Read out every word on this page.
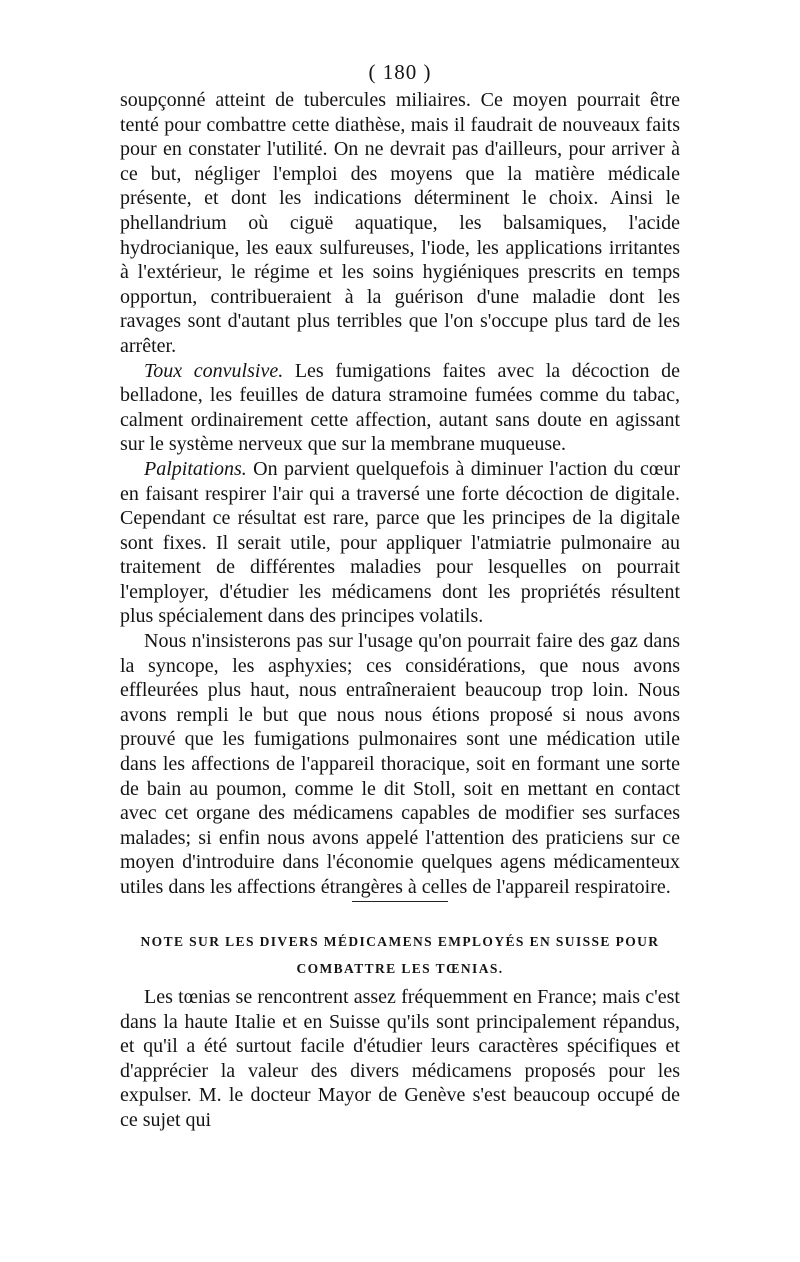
( 180 )

soupçonné atteint de tubercules miliaires. Ce moyen pourrait être tenté pour combattre cette diathèse, mais il faudrait de nouveaux faits pour en constater l'utilité. On ne devrait pas d'ailleurs, pour arriver à ce but, négliger l'emploi des moyens que la matière médicale présente, et dont les indications déterminent le choix. Ainsi le phellandrium où ciguë aquatique, les balsamiques, l'acide hydrocianique, les eaux sulfureuses, l'iode, les applications irritantes à l'extérieur, le régime et les soins hygiéniques prescrits en temps opportun, contribueraient à la guérison d'une maladie dont les ravages sont d'autant plus terribles que l'on s'occupe plus tard de les arrêter.

Toux convulsive. Les fumigations faites avec la décoction de belladone, les feuilles de datura stramoine fumées comme du tabac, calment ordinairement cette affection, autant sans doute en agissant sur le système nerveux que sur la membrane muqueuse.

Palpitations. On parvient quelquefois à diminuer l'action du cœur en faisant respirer l'air qui a traversé une forte décoction de digitale. Cependant ce résultat est rare, parce que les principes de la digitale sont fixes. Il serait utile, pour appliquer l'atmiatrie pulmonaire au traitement de différentes maladies pour lesquelles on pourrait l'employer, d'étudier les médicamens dont les propriétés résultent plus spécialement dans des principes volatils.

Nous n'insisterons pas sur l'usage qu'on pourrait faire des gaz dans la syncope, les asphyxies; ces considérations, que nous avons effleurées plus haut, nous entraîneraient beaucoup trop loin. Nous avons rempli le but que nous nous étions proposé si nous avons prouvé que les fumigations pulmonaires sont une médication utile dans les affections de l'appareil thoracique, soit en formant une sorte de bain au poumon, comme le dit Stoll, soit en mettant en contact avec cet organe des médicamens capables de modifier ses surfaces malades; si enfin nous avons appelé l'attention des praticiens sur ce moyen d'introduire dans l'économie quelques agens médicamenteux utiles dans les affections étrangères à celles de l'appareil respiratoire.

NOTE SUR LES DIVERS MÉDICAMENS EMPLOYÉS EN SUISSE POUR COMBATTRE LES TŒNIAS.

Les tœnias se rencontrent assez fréquemment en France; mais c'est dans la haute Italie et en Suisse qu'ils sont principalement répandus, et qu'il a été surtout facile d'étudier leurs caractères spécifiques et d'apprécier la valeur des divers médicamens proposés pour les expulser. M. le docteur Mayor de Genève s'est beaucoup occupé de ce sujet qui
